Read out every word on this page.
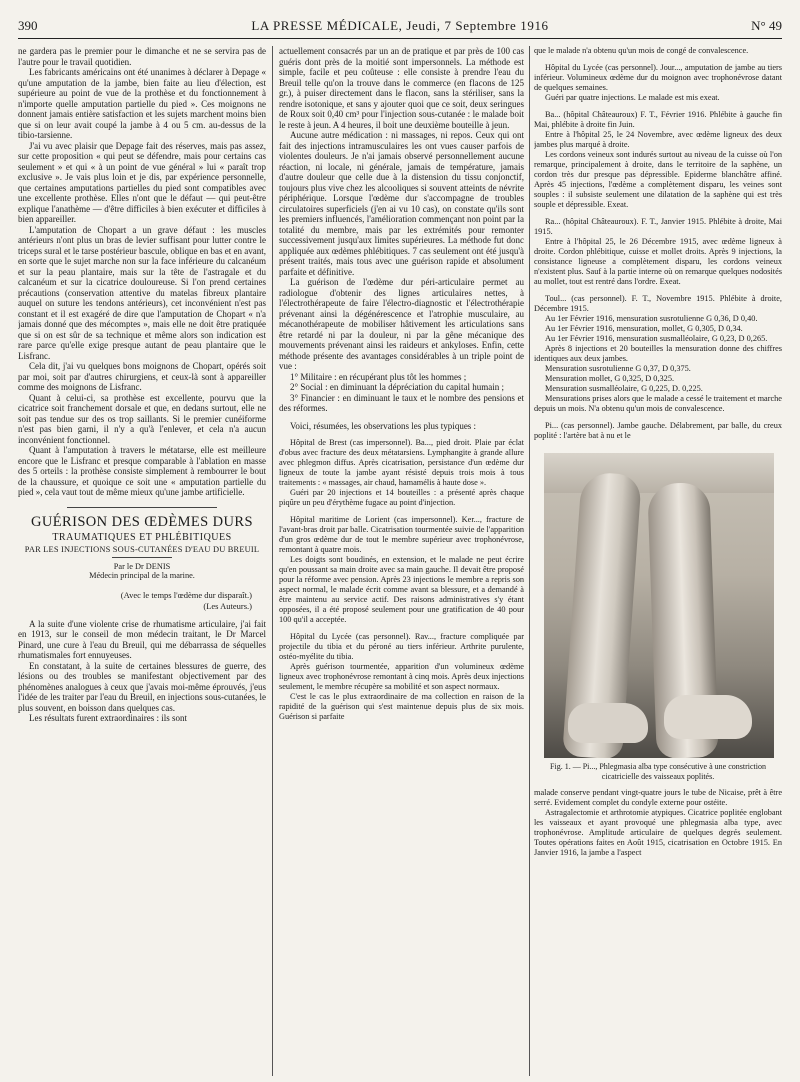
390	LA PRESSE MÉDICALE, Jeudi, 7 Septembre 1916	N° 49

ne gardera pas le premier pour le dimanche et ne se servira pas de l'autre pour le travail quotidien.

Les fabricants américains ont été unanimes à déclarer à Depage « qu'une amputation de la jambe, bien faite au lieu d'élection, est supérieure au point de vue de la prothèse et du fonctionnement à n'importe quelle amputation partielle du pied ». Ces moignons ne donnent jamais entière satisfaction et les sujets marchent moins bien que si on leur avait coupé la jambe à 4 ou 5 cm. au-dessus de la tibio-tarsienne.

J'ai vu avec plaisir que Depage fait des réserves, mais pas assez, sur cette proposition « qui peut se défendre, mais pour certains cas seulement » et qui « à un point de vue général » lui « paraît trop exclusive ». Je vais plus loin et je dis, par expérience personnelle, que certaines amputations partielles du pied sont compatibles avec une excellente prothèse. Elles n'ont que le défaut — qui peut-être explique l'anathème — d'être difficiles à bien exécuter et difficiles à bien appareiller.

L'amputation de Chopart a un grave défaut : les muscles antérieurs n'ont plus un bras de levier suffisant pour lutter contre le triceps sural et le tarse postérieur bascule, oblique en bas et en avant, en sorte que le sujet marche non sur la face inférieure du calcanéum et sur la peau plantaire, mais sur la tête de l'astragale et du calcanéum et sur la cicatrice douloureuse. Si l'on prend certaines précautions (conservation attentive du matelas fibreux plantaire auquel on suture les tendons antérieurs), cet inconvénient n'est pas constant et il est exagéré de dire que l'amputation de Chopart « n'a jamais donné que des mécomptes », mais elle ne doit être pratiquée que si on est sûr de sa technique et même alors son indication est rare parce qu'elle exige presque autant de peau plantaire que le Lisfranc.

Cela dit, j'ai vu quelques bons moignons de Chopart, opérés soit par moi, soit par d'autres chirurgiens, et ceux-là sont à appareiller comme des moignons de Lisfranc.

Quant à celui-ci, sa prothèse est excellente, pourvu que la cicatrice soit franchement dorsale et que, en dedans surtout, elle ne soit pas tendue sur des os trop saillants. Si le premier cunéiforme n'est pas bien garni, il n'y a qu'à l'enlever, et cela n'a aucun inconvénient fonctionnel.

Quant à l'amputation à travers le métatarse, elle est meilleure encore que le Lisfranc et presque comparable à l'ablation en masse des 5 orteils : la prothèse consiste simplement à rembourrer le bout de la chaussure, et quoique ce soit une « amputation partielle du pied », cela vaut tout de même mieux qu'une jambe artificielle.

GUÉRISON DES ŒDÈMES DURS
TRAUMATIQUES ET PHLÉBITIQUES
PAR LES INJECTIONS SOUS-CUTANÉES D'EAU DU BREUIL
Par le Dr DENIS
Médecin principal de la marine.
(Avec le temps l'œdème dur disparaît.)
(Les Auteurs.)

A la suite d'une violente crise de rhumatisme articulaire, j'ai fait en 1913, sur le conseil de mon médecin traitant, le Dr Marcel Pinard, une cure à l'eau du Breuil, qui me débarrassa de séquelles rhumatismales fort ennuyeuses.

En constatant, à la suite de certaines blessures de guerre, des lésions ou des troubles se manifestant objectivement par des phénomènes analogues à ceux que j'avais moi-même éprouvés, j'eus l'idée de les traiter par l'eau du Breuil, en injections sous-cutanées, le plus souvent, en boisson dans quelques cas.

Les résultats furent extraordinaires : ils sont

actuellement consacrés par un an de pratique et par près de 100 cas guéris dont près de la moitié sont impersonnels. La méthode est simple, facile et peu coûteuse : elle consiste à prendre l'eau du Breuil telle qu'on la trouve dans le commerce (en flacons de 125 gr.), à puiser directement dans le flacon, sans la stériliser, sans la rendre isotonique, et sans y ajouter quoi que ce soit, deux seringues de Roux soit 0,40 cm³ pour l'injection sous-cutanée : le malade boit le reste à jeun. A 4 heures, il boit une deuxième bouteille à jeun.

Aucune autre médication : ni massages, ni repos. Ceux qui ont fait des injections intramusculaires les ont vues causer parfois de violentes douleurs. Je n'ai jamais observé personnellement aucune réaction, ni locale, ni générale, jamais de température, jamais d'autre douleur que celle due à la distension du tissu conjonctif, toujours plus vive chez les alcooliques si souvent atteints de névrite périphérique. Lorsque l'œdème dur s'accompagne de troubles circulatoires superficiels (j'en ai vu 10 cas), on constate qu'ils sont les premiers influencés, l'amélioration commençant non point par la totalité du membre, mais par les extrémités pour remonter successivement jusqu'aux limites supérieures. La méthode fut donc appliquée aux œdèmes phlébitiques. 7 cas seulement ont été jusqu'à présent traités, mais tous avec une guérison rapide et absolument parfaite et définitive.

La guérison de l'œdème dur péri-articulaire permet au radiologue d'obtenir des lignes articulaires nettes, à l'électrothérapeute de faire l'électro-diagnostic et l'électrothérapie prévenant ainsi la dégénérescence et l'atrophie musculaire, au mécanothérapeute de mobiliser hâtivement les articulations sans être retardé ni par la douleur, ni par la gêne mécanique des mouvements prévenant ainsi les raideurs et ankyloses. Enfin, cette méthode présente des avantages considérables à un triple point de vue :

1° Militaire : en récupérant plus tôt les hommes ;

2° Social : en diminuant la dépréciation du capital humain ;

3° Financier : en diminuant le taux et le nombre des pensions et des réformes.

Voici, résumées, les observations les plus typiques :

Hôpital de Brest (cas impersonnel). Ba..., pied droit. Plaie par éclat d'obus avec fracture des deux métatarsiens. Lymphangite à grande allure avec phlegmon diffus. Après cicatrisation, persistance d'un œdème dur ligneux de toute la jambe ayant résisté depuis trois mois à tous traitements : « massages, air chaud, hamamélis à haute dose ».

Guéri par 20 injections et 14 bouteilles : a présenté après chaque piqûre un peu d'érythème fugace au point d'injection.

Hôpital maritime de Lorient (cas impersonnel). Ker..., fracture de l'avant-bras droit par balle. Cicatrisation tourmentée suivie de l'apparition d'un gros œdème dur de tout le membre supérieur avec trophonévrose, remontant à quatre mois.

Les doigts sont boudinés, en extension, et le malade ne peut écrire qu'en poussant sa main droite avec sa main gauche. Il devait être proposé pour la réforme avec pension. Après 23 injections le membre a repris son aspect normal, le malade écrit comme avant sa blessure, et a demandé à être maintenu au service actif. Des raisons administratives s'y étant opposées, il a été proposé seulement pour une gratification de 40 pour 100 qu'il a acceptée.

Hôpital du Lycée (cas personnel). Rav..., fracture compliquée par projectile du tibia et du péroné au tiers inférieur. Arthrite purulente, ostéo-myélite du tibia.

Après guérison tourmentée, apparition d'un volumineux œdème ligneux avec trophonévrose remontant à cinq mois. Après deux injections seulement, le membre récupère sa mobilité et son aspect normaux.

C'est le cas le plus extraordinaire de ma collection en raison de la rapidité de la guérison qui s'est maintenue depuis plus de six mois. Guérison si parfaite

que le malade n'a obtenu qu'un mois de congé de convalescence.

Hôpital du Lycée (cas personnel). Jour..., amputation de jambe au tiers inférieur. Volumineux œdème dur du moignon avec trophonévrose datant de quelques semaines.

Guéri par quatre injections. Le malade est mis exeat.

Ba... (hôpital Châteauroux) F. T., Février 1916. Phlébite à gauche fin Mai, phlébite à droite fin Juin.

Entre à l'hôpital 25, le 24 Novembre, avec œdème ligneux des deux jambes plus marqué à droite.

Les cordons veineux sont indurés surtout au niveau de la cuisse où l'on remarque, principalement à droite, dans le territoire de la saphène, un cordon très dur presque pas dépressible. Epiderme blanchâtre affiné. Après 45 injections, l'œdème a complètement disparu, les veines sont souples : il subsiste seulement une dilatation de la saphène qui est très souple et dépressible. Exeat.

Ra... (hôpital Châteauroux). F. T., Janvier 1915. Phlébite à droite, Mai 1915.

Entre à l'hôpital 25, le 26 Décembre 1915, avec œdème ligneux à droite. Cordon phlébitique, cuisse et mollet droits. Après 9 injections, la consistance ligneuse a complètement disparu, les cordons veineux n'existent plus. Sauf à la partie interne où on remarque quelques nodosités au mollet, tout est rentré dans l'ordre. Exeat.

Toul... (cas personnel). F. T., Novembre 1915. Phlébite à droite, Décembre 1915.

Au 1er Février 1916, mensuration susrotulienne G 0,36, D 0,40.

Au 1er Février 1916, mensuration, mollet, G 0,305, D 0,34.

Au 1er Février 1916, mensuration susmalléolaire, G 0,23, D 0,265.

Après 8 injections et 20 bouteilles la mensuration donne des chiffres identiques aux deux jambes.

Mensuration susrotulienne G 0,37, D 0,375.

Mensuration mollet, G 0,325, D 0,325.

Mensuration susmalléolaire, G 0,225, D. 0,225.

Mensurations prises alors que le malade a cessé le traitement et marche depuis un mois. N'a obtenu qu'un mois de convalescence.

Pi... (cas personnel). Jambe gauche. Délabrement, par balle, du creux poplité : l'artère bat à nu et le

Fig. 1. — Pi..., Phlegmasia alba type consécutive à une constriction cicatricielle des vaisseaux poplités.

malade conserve pendant vingt-quatre jours le tube de Nicaise, prêt à être serré. Evidement complet du condyle externe pour ostéite.

Astragalectomie et arthrotomie atypiques. Cicatrice poplitée englobant les vaisseaux et ayant provoqué une phlegmasia alba type, avec trophonévrose. Amplitude articulaire de quelques degrés seulement. Toutes opérations faites en Août 1915, cicatrisation en Octobre 1915. En Janvier 1916, la jambe a l'aspect
